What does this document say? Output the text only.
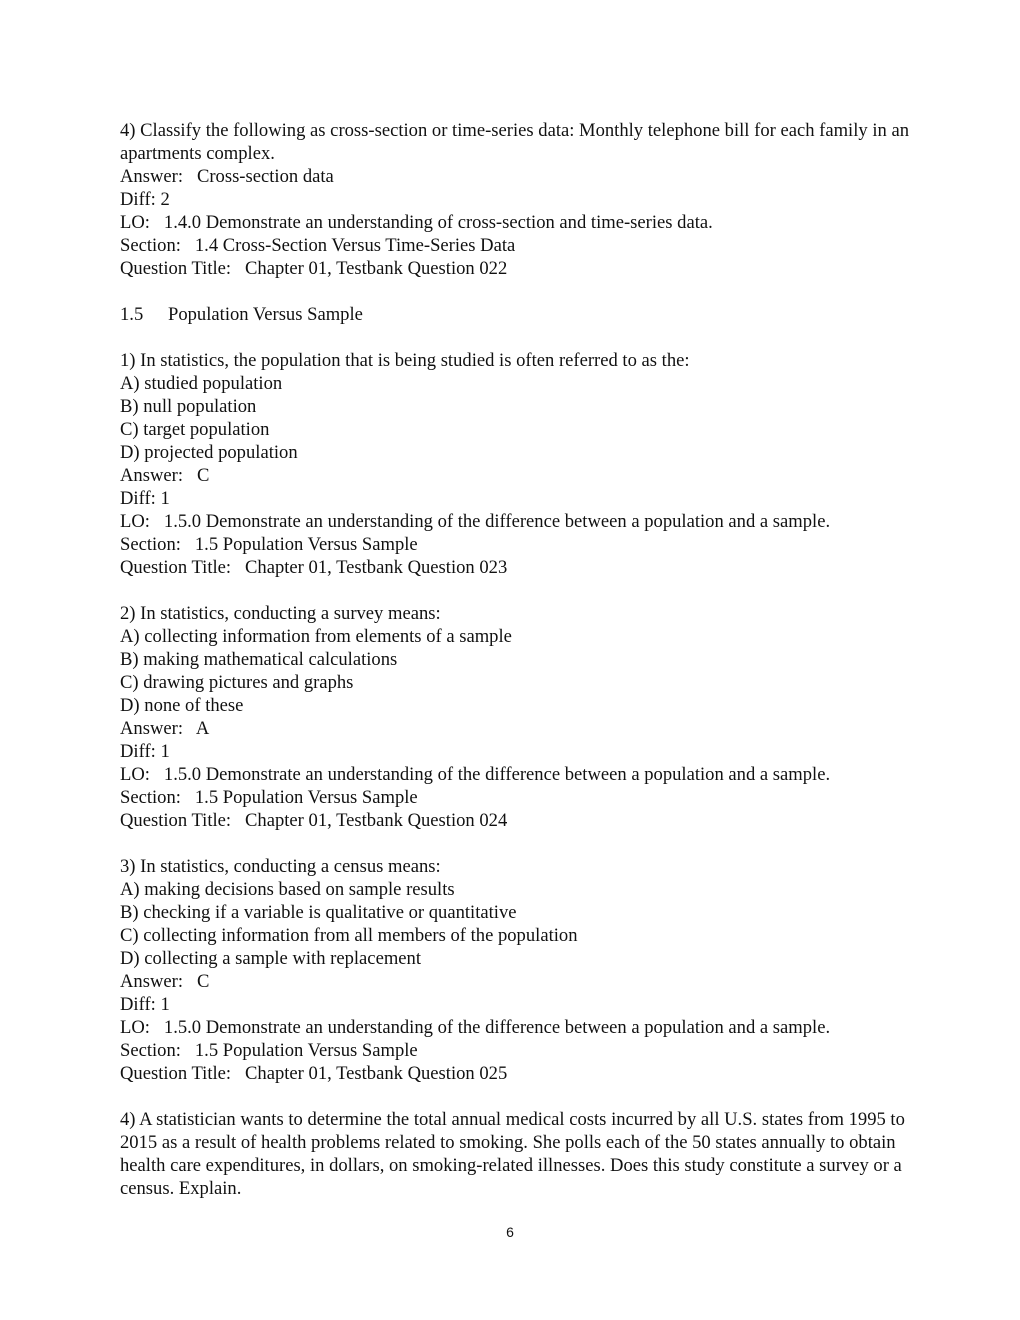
4) Classify the following as cross-section or time-series data: Monthly telephone bill for each family in an apartments complex.
Answer:   Cross-section data
Diff: 2
LO:   1.4.0 Demonstrate an understanding of cross-section and time-series data.
Section:   1.4 Cross-Section Versus Time-Series Data
Question Title:   Chapter 01, Testbank Question 022
1.5 Population Versus Sample
1) In statistics, the population that is being studied is often referred to as the:
A) studied population
B) null population
C) target population
D) projected population
Answer:   C
Diff: 1
LO:   1.5.0 Demonstrate an understanding of the difference between a population and a sample.
Section:   1.5 Population Versus Sample
Question Title:   Chapter 01, Testbank Question 023
2) In statistics, conducting a survey means:
A) collecting information from elements of a sample
B) making mathematical calculations
C) drawing pictures and graphs
D) none of these
Answer:   A
Diff: 1
LO:   1.5.0 Demonstrate an understanding of the difference between a population and a sample.
Section:   1.5 Population Versus Sample
Question Title:   Chapter 01, Testbank Question 024
3) In statistics, conducting a census means:
A) making decisions based on sample results
B) checking if a variable is qualitative or quantitative
C) collecting information from all members of the population
D) collecting a sample with replacement
Answer:   C
Diff: 1
LO:   1.5.0 Demonstrate an understanding of the difference between a population and a sample.
Section:   1.5 Population Versus Sample
Question Title:   Chapter 01, Testbank Question 025
4) A statistician wants to determine the total annual medical costs incurred by all U.S. states from 1995 to 2015 as a result of health problems related to smoking. She polls each of the 50 states annually to obtain health care expenditures, in dollars, on smoking-related illnesses. Does this study constitute a survey or a census. Explain.
6
